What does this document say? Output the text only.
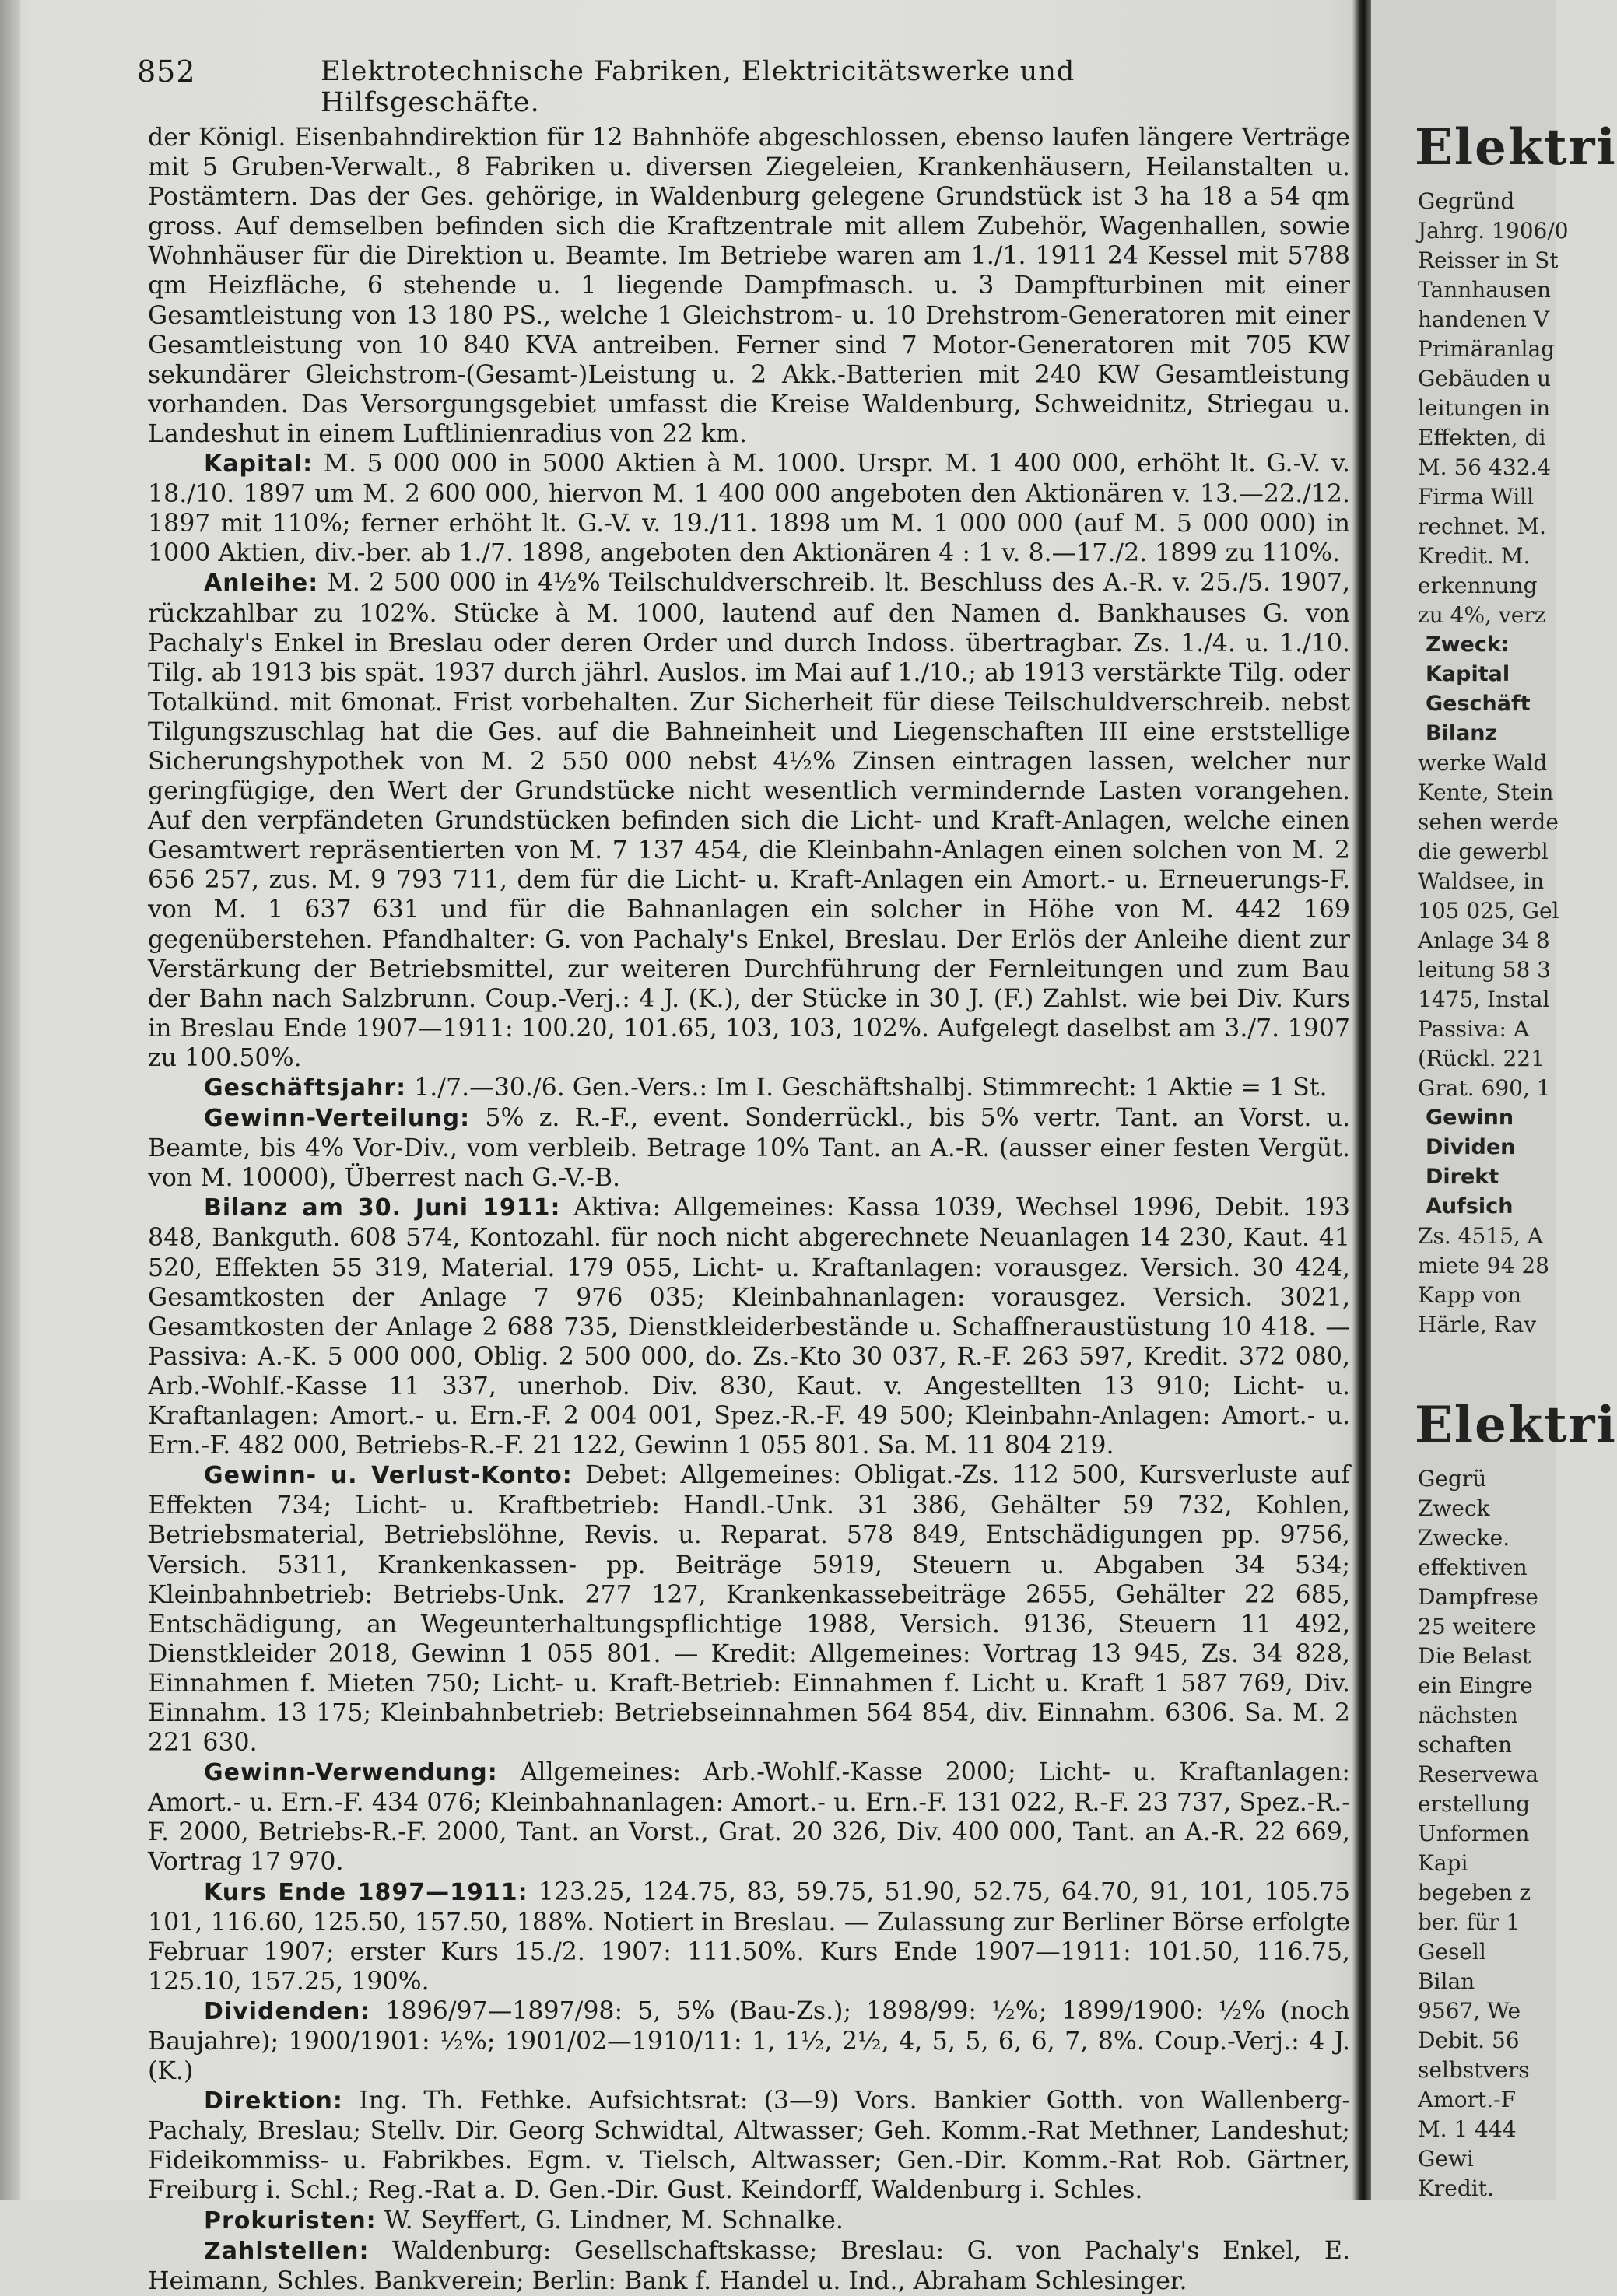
852	Elektrotechnische Fabriken, Elektricitätswerke und Hilfsgeschäfte.

der Königl. Eisenbahndirektion für 12 Bahnhöfe abgeschlossen, ebenso laufen längere Verträge mit 5 Gruben-Verwalt., 8 Fabriken u. diversen Ziegeleien, Krankenhäusern, Heilanstalten u. Postämtern. Das der Ges. gehörige, in Waldenburg gelegene Grundstück ist 3 ha 18 a 54 qm gross. Auf demselben befinden sich die Kraftzentrale mit allem Zubehör, Wagenhallen, sowie Wohnhäuser für die Direktion u. Beamte. Im Betriebe waren am 1./1. 1911 24 Kessel mit 5788 qm Heizfläche, 6 stehende u. 1 liegende Dampfmasch. u. 3 Dampfturbinen mit einer Gesamtleistung von 13 180 PS., welche 1 Gleichstrom- u. 10 Drehstrom-Generatoren mit einer Gesamtleistung von 10 840 KVA antreiben. Ferner sind 7 Motor-Generatoren mit 705 KW sekundärer Gleichstrom-(Gesamt-)Leistung u. 2 Akk.-Batterien mit 240 KW Gesamtleistung vorhanden. Das Versorgungsgebiet umfasst die Kreise Waldenburg, Schweidnitz, Striegau u. Landeshut in einem Luftlinienradius von 22 km.

Kapital: M. 5 000 000 in 5000 Aktien à M. 1000. Urspr. M. 1 400 000, erhöht lt. G.-V. v. 18./10. 1897 um M. 2 600 000, hiervon M. 1 400 000 angeboten den Aktionären v. 13.—22./12. 1897 mit 110%; ferner erhöht lt. G.-V. v. 19./11. 1898 um M. 1 000 000 (auf M. 5 000 000) in 1000 Aktien, div.-ber. ab 1./7. 1898, angeboten den Aktionären 4 : 1 v. 8.—17./2. 1899 zu 110%.

Anleihe: M. 2 500 000 in 4½% Teilschuldverschreib. lt. Beschluss des A.-R. v. 25./5. 1907, rückzahlbar zu 102%. Stücke à M. 1000, lautend auf den Namen d. Bankhauses G. von Pachaly's Enkel in Breslau oder deren Order und durch Indoss. übertragbar. Zs. 1./4. u. 1./10. Tilg. ab 1913 bis spät. 1937 durch jährl. Auslos. im Mai auf 1./10.; ab 1913 verstärkte Tilg. oder Totalkünd. mit 6monat. Frist vorbehalten. Zur Sicherheit für diese Teilschuldverschreib. nebst Tilgungszuschlag hat die Ges. auf die Bahneinheit und Liegenschaften III eine erststellige Sicherungshypothek von M. 2 550 000 nebst 4½% Zinsen eintragen lassen, welcher nur geringfügige, den Wert der Grundstücke nicht wesentlich vermindernde Lasten vorangehen. Auf den verpfändeten Grundstücken befinden sich die Licht- und Kraft-Anlagen, welche einen Gesamtwert repräsentierten von M. 7 137 454, die Kleinbahn-Anlagen einen solchen von M. 2 656 257, zus. M. 9 793 711, dem für die Licht- u. Kraft-Anlagen ein Amort.- u. Erneuerungs-F. von M. 1 637 631 und für die Bahnanlagen ein solcher in Höhe von M. 442 169 gegenüberstehen. Pfandhalter: G. von Pachaly's Enkel, Breslau. Der Erlös der Anleihe dient zur Verstärkung der Betriebsmittel, zur weiteren Durchführung der Fernleitungen und zum Bau der Bahn nach Salzbrunn. Coup.-Verj.: 4 J. (K.), der Stücke in 30 J. (F.) Zahlst. wie bei Div. Kurs in Breslau Ende 1907—1911: 100.20, 101.65, 103, 103, 102%. Aufgelegt daselbst am 3./7. 1907 zu 100.50%.

Geschäftsjahr: 1./7.—30./6. Gen.-Vers.: Im I. Geschäftshalbj. Stimmrecht: 1 Aktie = 1 St.

Gewinn-Verteilung: 5% z. R.-F., event. Sonderrückl., bis 5% vertr. Tant. an Vorst. u. Beamte, bis 4% Vor-Div., vom verbleib. Betrage 10% Tant. an A.-R. (ausser einer festen Vergüt. von M. 10000), Überrest nach G.-V.-B.

Bilanz am 30. Juni 1911: Aktiva: Allgemeines: Kassa 1039, Wechsel 1996, Debit. 193 848, Bankguth. 608 574, Kontozahl. für noch nicht abgerechnete Neuanlagen 14 230, Kaut. 41 520, Effekten 55 319, Material. 179 055, Licht- u. Kraftanlagen: vorausgez. Versich. 30 424, Gesamtkosten der Anlage 7 976 035; Kleinbahnanlagen: vorausgez. Versich. 3021, Gesamtkosten der Anlage 2 688 735, Dienstkleiderbestände u. Schaffneraustüstung 10 418. — Passiva: A.-K. 5 000 000, Oblig. 2 500 000, do. Zs.-Kto 30 037, R.-F. 263 597, Kredit. 372 080, Arb.-Wohlf.-Kasse 11 337, unerhob. Div. 830, Kaut. v. Angestellten 13 910; Licht- u. Kraftanlagen: Amort.- u. Ern.-F. 2 004 001, Spez.-R.-F. 49 500; Kleinbahn-Anlagen: Amort.- u. Ern.-F. 482 000, Betriebs-R.-F. 21 122, Gewinn 1 055 801. Sa. M. 11 804 219.

Gewinn- u. Verlust-Konto: Debet: Allgemeines: Obligat.-Zs. 112 500, Kursverluste auf Effekten 734; Licht- u. Kraftbetrieb: Handl.-Unk. 31 386, Gehälter 59 732, Kohlen, Betriebsmaterial, Betriebslöhne, Revis. u. Reparat. 578 849, Entschädigungen pp. 9756, Versich. 5311, Krankenkassen- pp. Beiträge 5919, Steuern u. Abgaben 34 534; Kleinbahnbetrieb: Betriebs-Unk. 277 127, Krankenkassebeiträge 2655, Gehälter 22 685, Entschädigung, an Wegeunterhaltungspflichtige 1988, Versich. 9136, Steuern 11 492, Dienstkleider 2018, Gewinn 1 055 801. — Kredit: Allgemeines: Vortrag 13 945, Zs. 34 828, Einnahmen f. Mieten 750; Licht- u. Kraft-Betrieb: Einnahmen f. Licht u. Kraft 1 587 769, Div. Einnahm. 13 175; Kleinbahnbetrieb: Betriebseinnahmen 564 854, div. Einnahm. 6306. Sa. M. 2 221 630.

Gewinn-Verwendung: Allgemeines: Arb.-Wohlf.-Kasse 2000; Licht- u. Kraftanlagen: Amort.- u. Ern.-F. 434 076; Kleinbahnanlagen: Amort.- u. Ern.-F. 131 022, R.-F. 23 737, Spez.-R.-F. 2000, Betriebs-R.-F. 2000, Tant. an Vorst., Grat. 20 326, Div. 400 000, Tant. an A.-R. 22 669, Vortrag 17 970.

Kurs Ende 1897—1911: 123.25, 124.75, 83, 59.75, 51.90, 52.75, 64.70, 91, 101, 105.75 101, 116.60, 125.50, 157.50, 188%. Notiert in Breslau. — Zulassung zur Berliner Börse erfolgte Februar 1907; erster Kurs 15./2. 1907: 111.50%. Kurs Ende 1907—1911: 101.50, 116.75, 125.10, 157.25, 190%.

Dividenden: 1896/97—1897/98: 5, 5% (Bau-Zs.); 1898/99: ½%; 1899/1900: ½% (noch Baujahre); 1900/1901: ½%; 1901/02—1910/11: 1, 1½, 2½, 4, 5, 5, 6, 6, 7, 8%. Coup.-Verj.: 4 J. (K.)

Direktion: Ing. Th. Fethke. Aufsichtsrat: (3—9) Vors. Bankier Gotth. von Wallenberg-Pachaly, Breslau; Stellv. Dir. Georg Schwidtal, Altwasser; Geh. Komm.-Rat Methner, Landeshut; Fideikommiss- u. Fabrikbes. Egm. v. Tielsch, Altwasser; Gen.-Dir. Komm.-Rat Rob. Gärtner, Freiburg i. Schl.; Reg.-Rat a. D. Gen.-Dir. Gust. Keindorff, Waldenburg i. Schles.

Prokuristen: W. Seyffert, G. Lindner, M. Schnalke.

Zahlstellen: Waldenburg: Gesellschaftskasse; Breslau: G. von Pachaly's Enkel, E. Heimann, Schles. Bankverein; Berlin: Bank f. Handel u. Ind., Abraham Schlesinger.

Elektri
Gegründ
Jahrg. 1906/0
Reisser in St
Tannhausen
handenen V
Primäranlag
Gebäuden u
leitungen in
Effekten, di
M. 56 432.4
Firma Will
rechnet. M.
Kredit. M.
erkennung
zu 4%, verz
Zweck:
Kapital
Geschäft
Bilanz
werke Wald
Kente, Stein
sehen werde
die gewerbl
Waldsee, in
105 025, Gel
Anlage 34 8
leitung 58 3
1475, Instal
Passiva: A
(Rückl. 221
Grat. 690, 1
Gewinn
Dividen
Direkt
Aufsich
Zs. 4515, A
miete 94 28
Kapp von
Härle, Rav
Elektri
Gegrü
Zweck
Zwecke.
effektiven
Dampfrese
25 weitere
Die Belast
ein Eingre
nächsten
schaften
Reservewa
erstellung
Unformen
Kapi
begeben z
ber. für 1
Gesell
Bilan
9567, We
Debit. 56
selbstvers
Amort.-F
M. 1 444
Gewi
Kredit.
